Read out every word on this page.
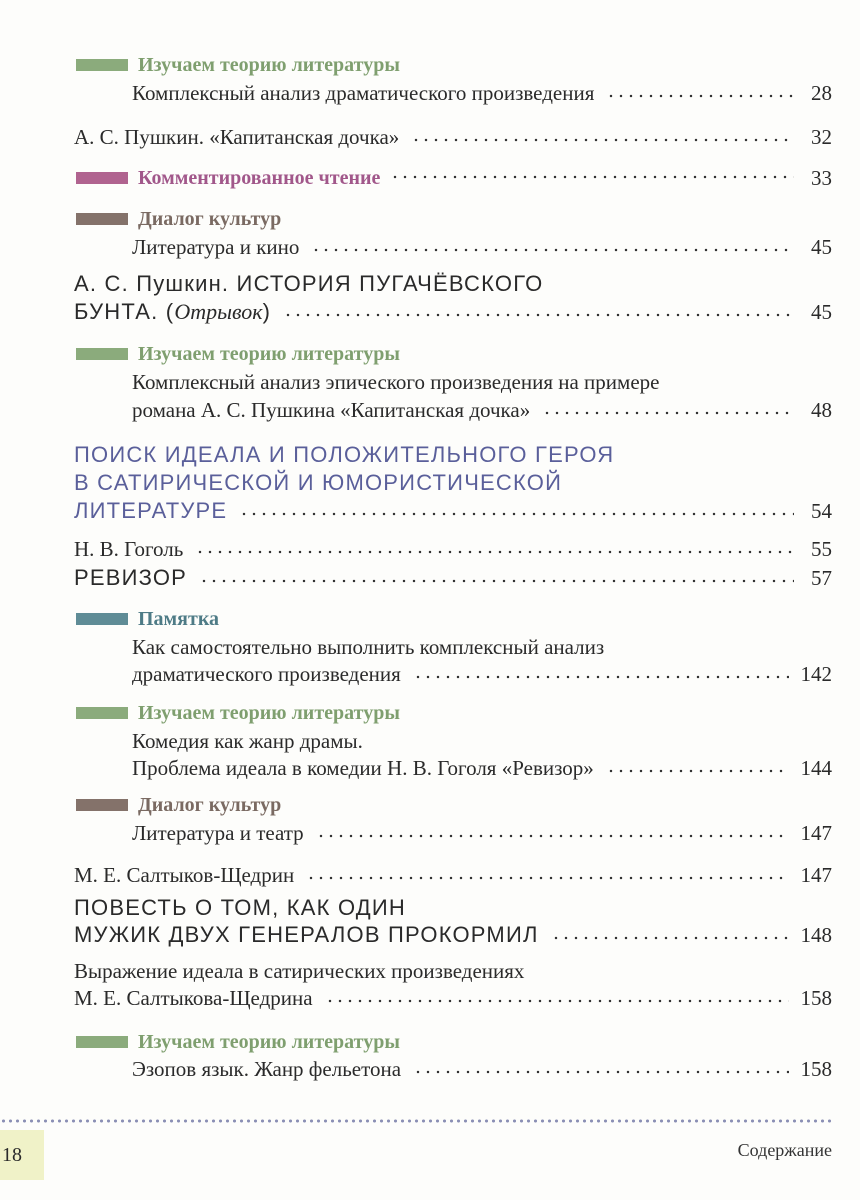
Изучаем теорию литературы
Комплексный анализ драматического произведения	28
А. С. Пушкин. «Капитанская дочка»	32
Комментированное чтение	33
Диалог культур
Литература и кино	45
А. С. Пушкин. ИСТОРИЯ ПУГАЧЁВСКОГО
БУНТА. (Отрывок)	45
Изучаем теорию литературы
Комплексный анализ эпического произведения на примере
романа А. С. Пушкина «Капитанская дочка»	48
ПОИСК ИДЕАЛА И ПОЛОЖИТЕЛЬНОГО ГЕРОЯ
В САТИРИЧЕСКОЙ И ЮМОРИСТИЧЕСКОЙ
ЛИТЕРАТУРЕ	54
Н. В. Гоголь	55
РЕВИЗОР	57
Памятка
Как самостоятельно выполнить комплексный анализ
драматического произведения	142
Изучаем теорию литературы
Комедия как жанр драмы.
Проблема идеала в комедии Н. В. Гоголя «Ревизор»	144
Диалог культур
Литература и театр	147
М. Е. Салтыков-Щедрин	147
ПОВЕСТЬ О ТОМ, КАК ОДИН
МУЖИК ДВУХ ГЕНЕРАЛОВ ПРОКОРМИЛ	148
Выражение идеала в сатирических произведениях
М. Е. Салтыкова-Щедрина	158
Изучаем теорию литературы
Эзопов язык. Жанр фельетона	158
18	Содержание
